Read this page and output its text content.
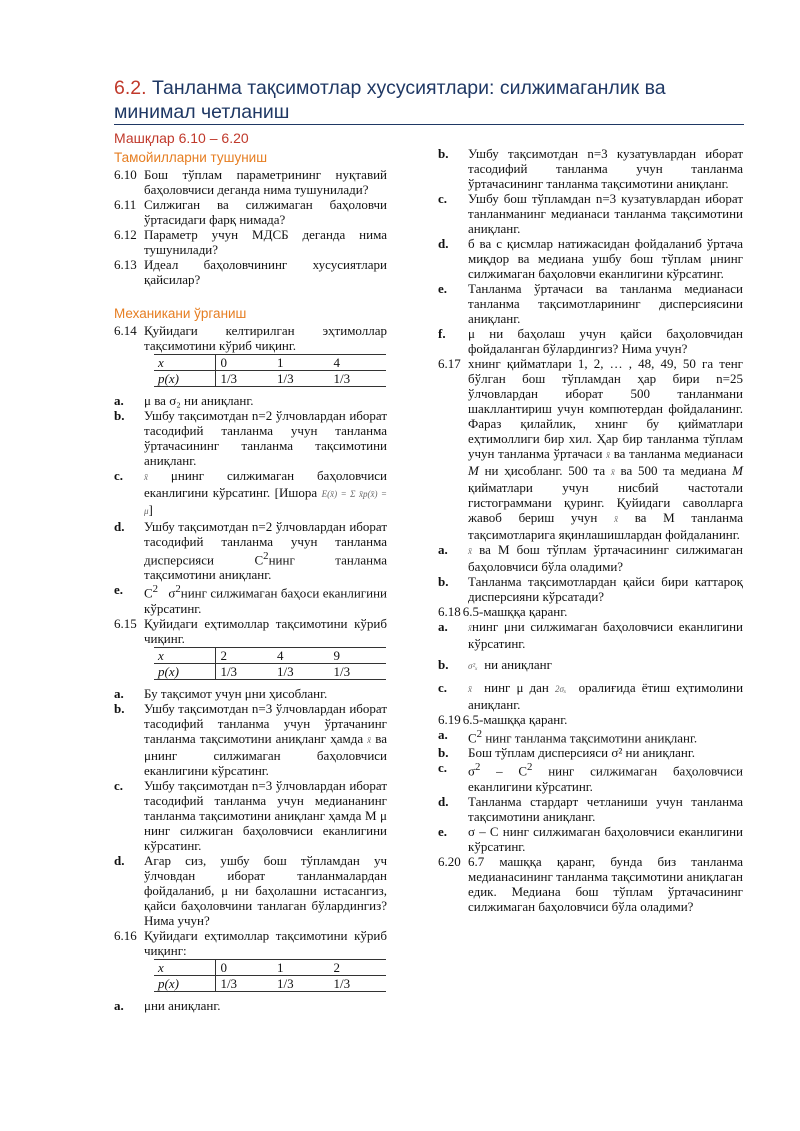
6.2. Танланма тақсимотлар хусусиятлари: силжимаганлик ва минимал четланиш
Машқлар 6.10 – 6.20
Тамойилларни тушуниш

6.10 Бош тўплам параметрининг нуқтавий баҳоловчиси деганда нима тушунилади?

6.11 Силжиган ва силжимаган баҳоловчи ўртасидаги фарқ нимада?

6.12 Параметр учун МДСБ деганда нима тушунилади?

6.13 Идеал баҳоловчининг хусусиятлари қайсилар?

Механикани ўрганиш

6.14 Қуйидаги келтирилган эҳтимоллар тақсимотини кўриб чиқинг.

x	0	1	4
p(x)	1/3	1/3	1/3
a.	μ ва σ₂ ни аниқланг.
b.	Ушбу тақсимотдан n=2 ўлчовлардан иборат тасодифий танланма учун танланма ўртачасининг танланма тақсимотини аниқланг.
c.	x̄ μнинг силжимаган баҳоловчиси еканлигини кўрсатинг. [Ишора E(x̄) = Σ x̄p(x̄) = μ]
d.	Ушбу тақсимотдан n=2 ўлчовлардан иборат тасодифий танланма учун танланма дисперсияси $C^2нинг$ танланма тақсимотини аниқланг.
e.	$C^2$ $\sigma^2нинг$ силжимаган баҳоси еканлигини кўрсатинг.

6.15 Қуйидаги еҳтимоллар тақсимотини кўриб чиқинг.

x	2	4	9
p(x)	1/3	1/3	1/3
a.	Бу тақсимот учун μни ҳисобланг.
b.	Ушбу тақсимотдан n=3 ўлчовлардан иборат тасодифий танланма учун ўртачанинг танланма тақсимотини аниқланг ҳамда x̄ ва μнинг силжимаган баҳоловчиси еканлигини кўрсатинг.
c.	Ушбу тақсимотдан n=3 ўлчовлардан иборат тасодифий танланма учун медиананинг танланма тақсимотини аниқланг ҳамда M μ нинг силжиган баҳоловчиси еканлигини кўрсатинг.
d.	Агар сиз, ушбу бош тўпламдан уч ўлчовдан иборат танланмалардан фойдаланиб, μ ни баҳолашни истасангиз, қайси баҳоловчини танлаган бўлардингиз? Нима учун?

6.16 Қуйидаги еҳтимоллар тақсимотини кўриб чиқинг:

x	0	1	2
p(x)	1/3	1/3	1/3
a.	μни аниқланг.
b.	Ушбу тақсимотдан n=3 кузатувлардан иборат тасодифий танланма учун танланма ўртачасининг танланма тақсимотини аниқланг.
c.	Ушбу бош тўпламдан n=3 кузатувлардан иборат танланманинг медианаси танланма тақсимотини аниқланг.
d.	б ва с қисмлар натижасидан фойдаланиб ўртача миқдор ва медиана ушбу бош тўплам μнинг силжимаган баҳоловчи еканлигини кўрсатинг.
e.	Танланма ўртачаси ва танланма медианаси танланма тақсимотларининг дисперсиясини аниқланг.
f.	μ ни баҳолаш учун қайси баҳоловчидан фойдаланган бўлардингиз? Нима учун?

6.17 хнинг қийматлари 1, 2, … , 48, 49, 50 га тенг бўлган бош тўпламдан ҳар бири n=25 ўлчовлардан иборат 500 танланмани шакллантириш учун компютердан фойдаланинг. Фараз қилайлик, хнинг бу қийматлари еҳтимоллиги бир хил. Ҳар бир танланма тўплам учун танланма ўртачаси x̄ ва танланма медианаси M ни ҳисобланг. 500 та x̄ ва 500 та медиана M қийматлари учун нисбий частотали гистограммани қуринг. Қуйидаги саволларга жавоб бериш учун x̄ ва M танланма тақсимотларига яқинлашишлардан фойдаланинг.

a.	x̄ ва M бош тўплам ўртачасининг силжимаган баҳоловчиси бўла оладими?
b.	Танланма тақсимотлардан қайси бири каттароқ дисперсияни кўрсатади?

6.18 6.5-машққа қаранг.

a.	x̄нинг μни силжимаган баҳоловчиси еканлигини кўрсатинг.
b.	σ²ₓ ни аниқланг
c.	x̄ нинг μ дан 2σₓ оралиғида ётиш еҳтимолини аниқланг.

6.19 6.5-машққа қаранг.

a.	$C^2$ нинг танланма тақсимотини аниқланг.
b.	Бош тўплам дисперсияси σ² ни аниқланг.
c.	$\sigma^2 - C^2$ нинг силжимаган баҳоловчиси еканлигини кўрсатинг.
d.	Танланма стардарт четланиши учун танланма тақсимотини аниқланг.
e.	σ – C нинг силжимаган баҳоловчиси еканлигини кўрсатинг.

6.20 6.7 машққа қаранг, бунда биз танланма медианасининг танланма тақсимотини аниқлаган едик. Медиана бош тўплам ўртачасининг силжимаган баҳоловчиси бўла оладими?
